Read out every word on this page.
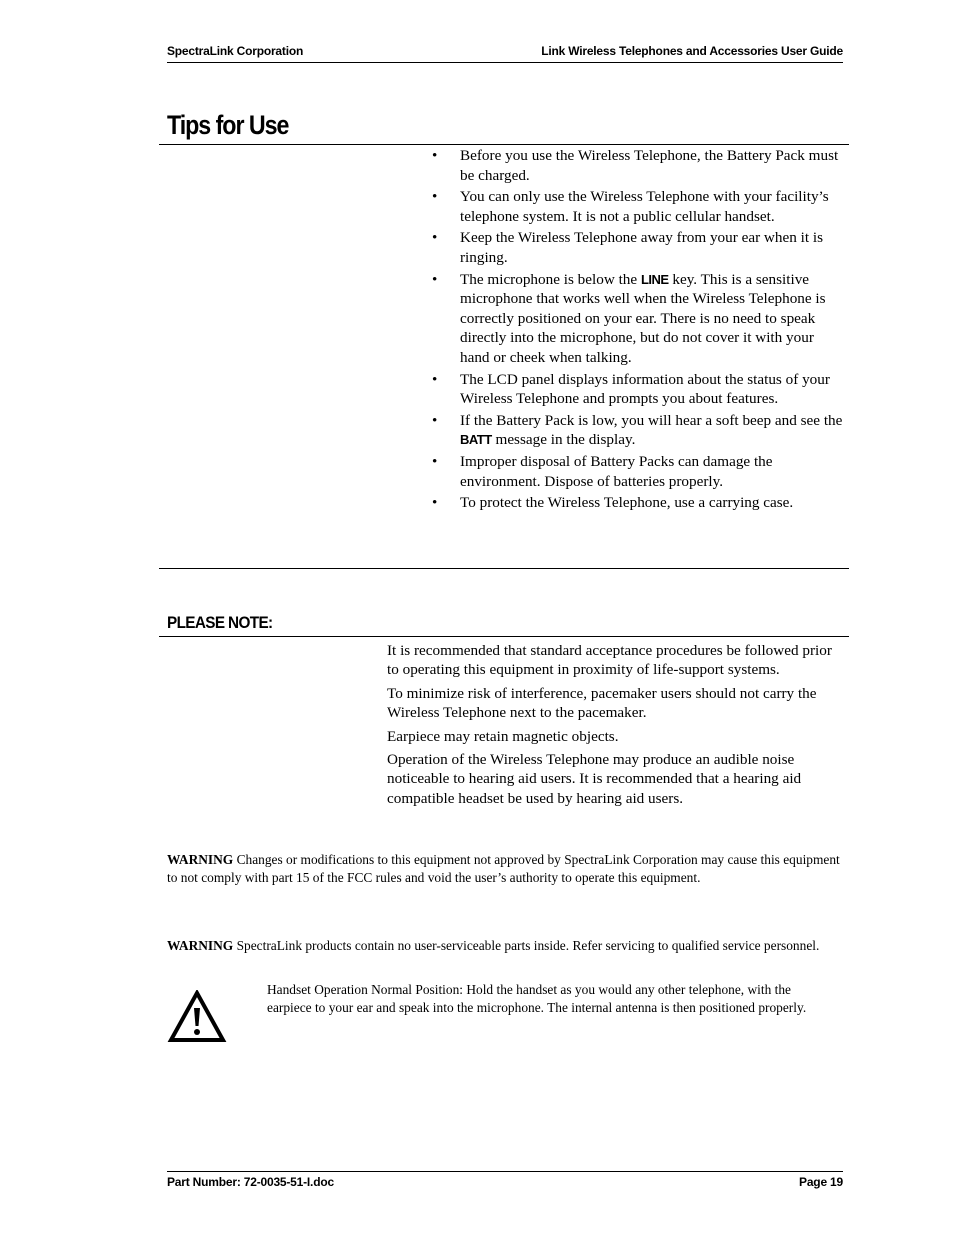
SpectraLink Corporation	Link Wireless Telephones and Accessories User Guide
Tips for Use
• Before you use the Wireless Telephone, the Battery Pack must be charged.
• You can only use the Wireless Telephone with your facility’s telephone system. It is not a public cellular handset.
• Keep the Wireless Telephone away from your ear when it is ringing.
• The microphone is below the LINE key. This is a sensitive microphone that works well when the Wireless Telephone is correctly positioned on your ear. There is no need to speak directly into the microphone, but do not cover it with your hand or cheek when talking.
• The LCD panel displays information about the status of your Wireless Telephone and prompts you about features.
• If the Battery Pack is low, you will hear a soft beep and see the BATT message in the display.
• Improper disposal of Battery Packs can damage the environment. Dispose of batteries properly.
• To protect the Wireless Telephone, use a carrying case.
PLEASE NOTE:

It is recommended that standard acceptance procedures be followed prior to operating this equipment in proximity of life-support systems.

To minimize risk of interference, pacemaker users should not carry the Wireless Telephone next to the pacemaker.

Earpiece may retain magnetic objects.

Operation of the Wireless Telephone may produce an audible noise noticeable to hearing aid users. It is recommended that a hearing aid compatible headset be used by hearing aid users.

WARNING Changes or modifications to this equipment not approved by SpectraLink Corporation may cause this equipment to not comply with part 15 of the FCC rules and void the user’s authority to operate this equipment.
WARNING SpectraLink products contain no user-serviceable parts inside. Refer servicing to qualified service personnel.
Handset Operation Normal Position: Hold the handset as you would any other telephone, with the earpiece to your ear and speak into the microphone. The internal antenna is then positioned properly.
Part Number: 72-0035-51-I.doc	Page 19
